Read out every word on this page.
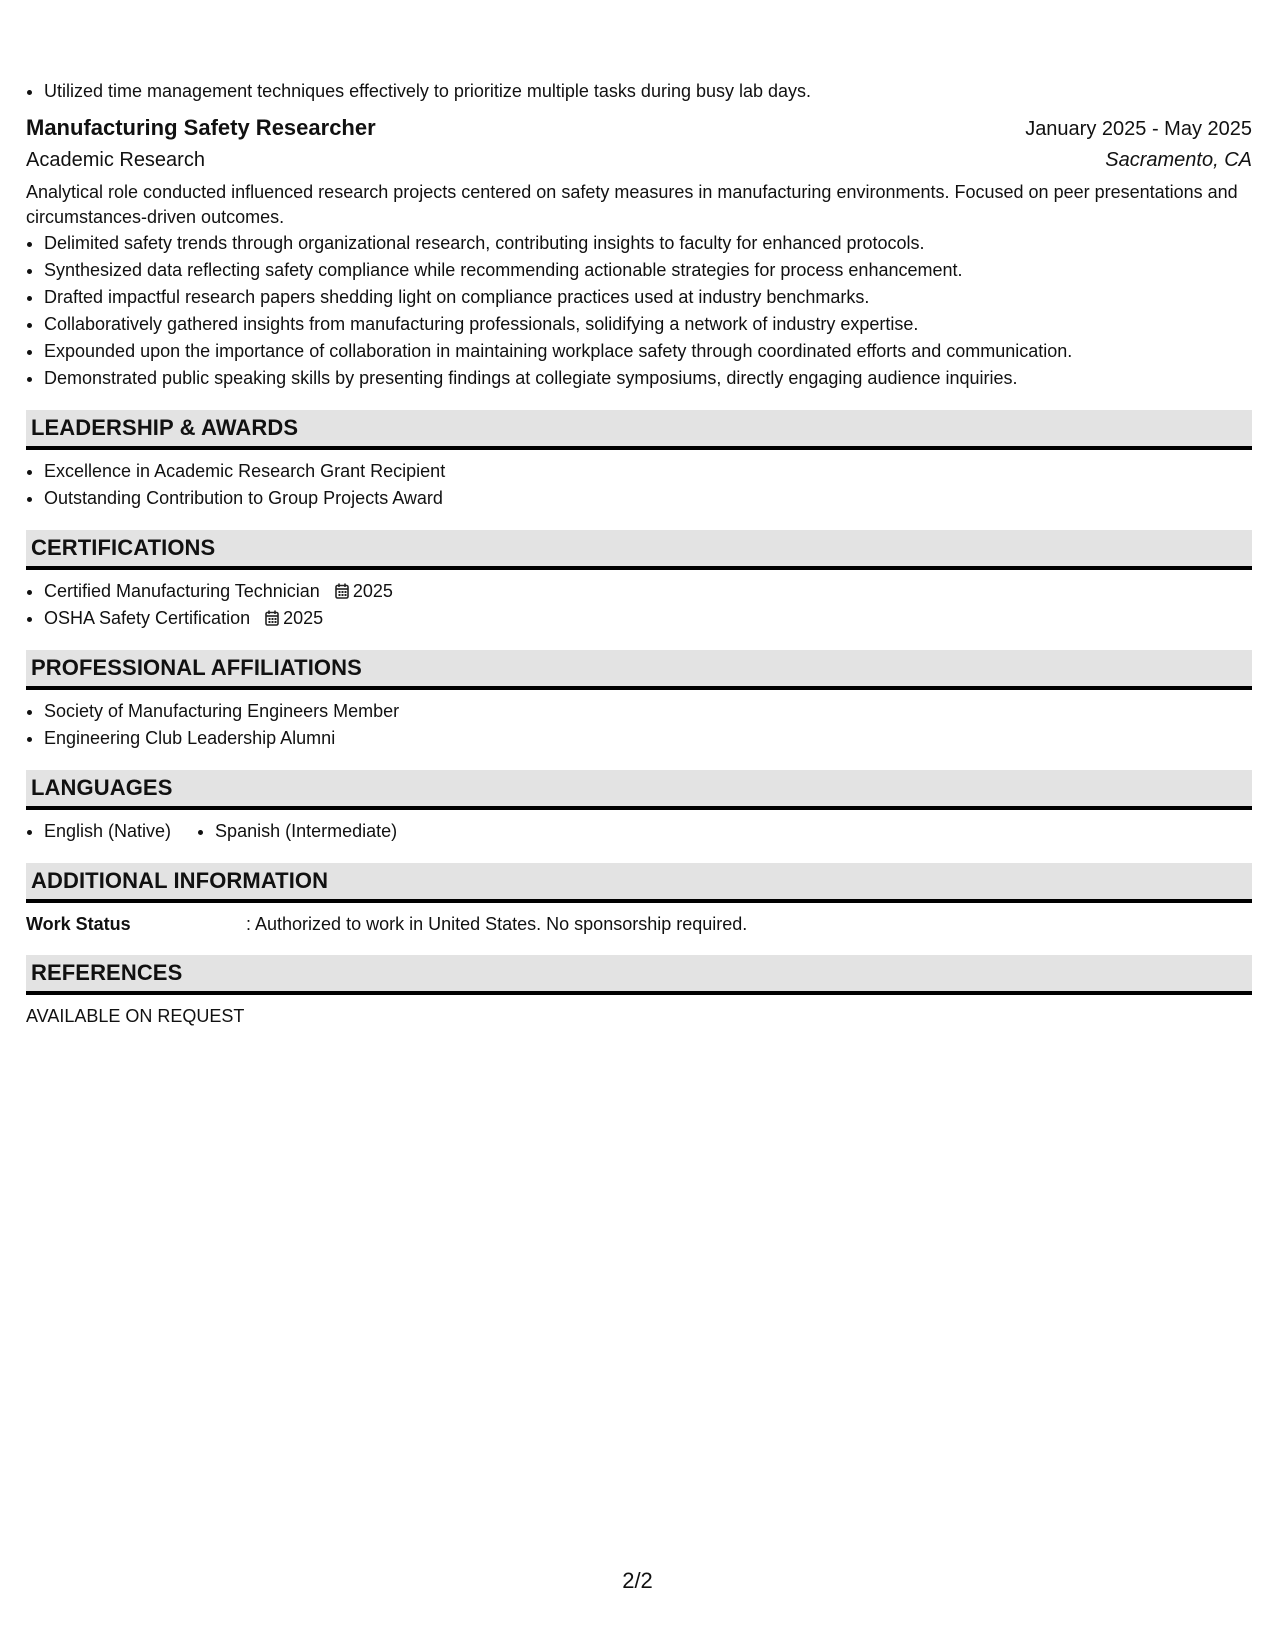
• Utilized time management techniques effectively to prioritize multiple tasks during busy lab days.
Manufacturing Safety Researcher	January 2025 - May 2025
Academic Research	Sacramento, CA
Analytical role conducted influenced research projects centered on safety measures in manufacturing environments. Focused on peer presentations and circumstances-driven outcomes.
• Delimited safety trends through organizational research, contributing insights to faculty for enhanced protocols.
• Synthesized data reflecting safety compliance while recommending actionable strategies for process enhancement.
• Drafted impactful research papers shedding light on compliance practices used at industry benchmarks.
• Collaboratively gathered insights from manufacturing professionals, solidifying a network of industry expertise.
• Expounded upon the importance of collaboration in maintaining workplace safety through coordinated efforts and communication.
• Demonstrated public speaking skills by presenting findings at collegiate symposiums, directly engaging audience inquiries.
LEADERSHIP & AWARDS
• Excellence in Academic Research Grant Recipient
• Outstanding Contribution to Group Projects Award
CERTIFICATIONS
• Certified Manufacturing Technician 2025
• OSHA Safety Certification 2025
PROFESSIONAL AFFILIATIONS
• Society of Manufacturing Engineers Member
• Engineering Club Leadership Alumni
LANGUAGES
• English (Native)
• Spanish (Intermediate)
ADDITIONAL INFORMATION
Work Status	: Authorized to work in United States. No sponsorship required.
REFERENCES
AVAILABLE ON REQUEST
2/2
